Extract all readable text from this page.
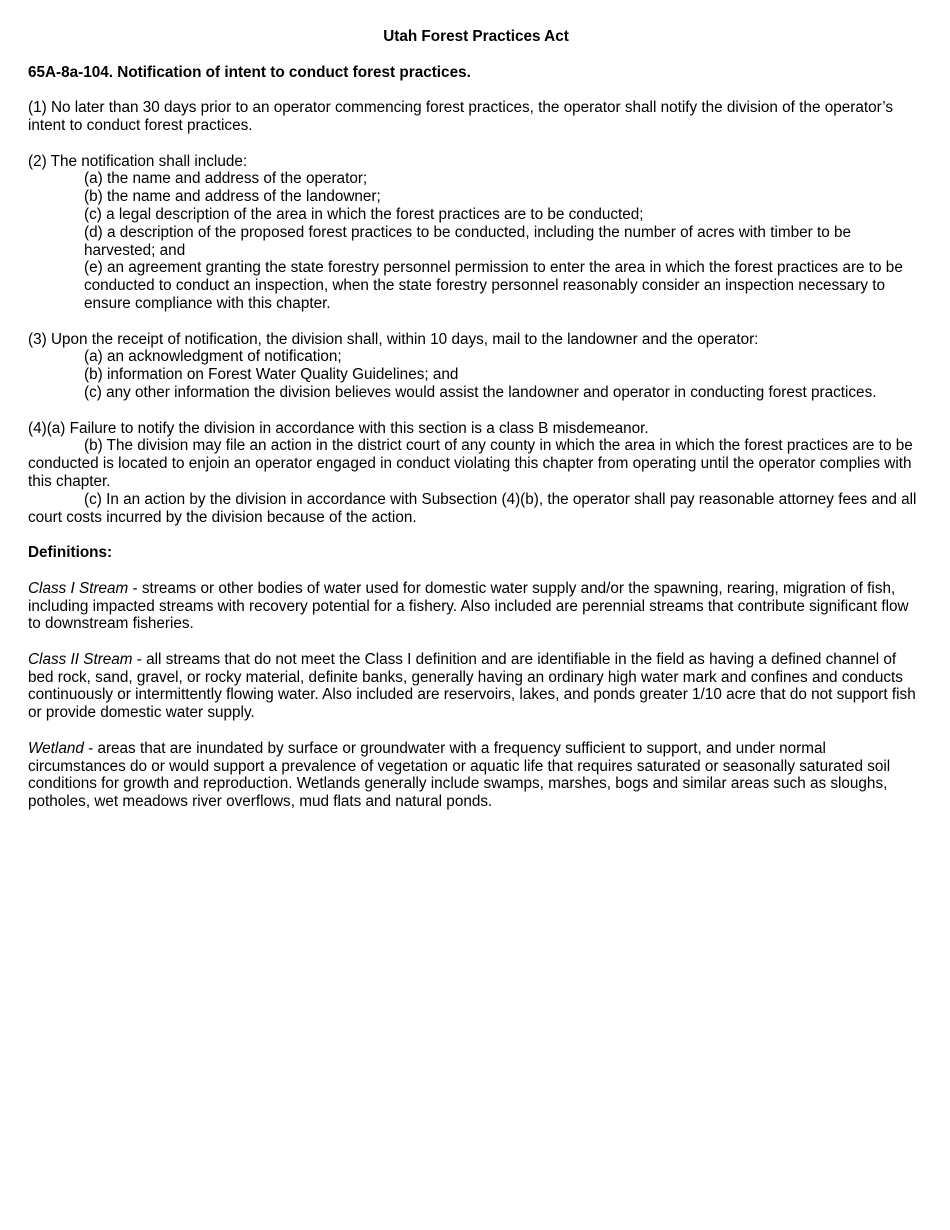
Utah Forest Practices Act

65A-8a-104. Notification of intent to conduct forest practices.

(1) No later than 30 days prior to an operator commencing forest practices, the operator shall notify the division of the operator’s intent to conduct forest practices.

(2) The notification shall include:

(a) the name and address of the operator;

(b) the name and address of the landowner;

(c) a legal description of the area in which the forest practices are to be conducted;

(d) a description of the proposed forest practices to be conducted, including the number of acres with timber to be harvested; and

(e) an agreement granting the state forestry personnel permission to enter the area in which the forest practices are to be conducted to conduct an inspection, when the state forestry personnel reasonably consider an inspection necessary to ensure compliance with this chapter.

(3) Upon the receipt of notification, the division shall, within 10 days, mail to the landowner and the operator:

(a) an acknowledgment of notification;

(b) information on Forest Water Quality Guidelines; and

(c) any other information the division believes would assist the landowner and operator in conducting forest practices.

(4)(a) Failure to notify the division in accordance with this section is a class B misdemeanor.

(b) The division may file an action in the district court of any county in which the area in which the forest practices are to be conducted is located to enjoin an operator engaged in conduct violating this chapter from operating until the operator complies with this chapter.

(c) In an action by the division in accordance with Subsection (4)(b), the operator shall pay reasonable attorney fees and all court costs incurred by the division because of the action.

Definitions:

Class I Stream - streams or other bodies of water used for domestic water supply and/or the spawning, rearing, migration of fish, including impacted streams with recovery potential for a fishery. Also included are perennial streams that contribute significant flow to downstream fisheries.

Class II Stream - all streams that do not meet the Class I definition and are identifiable in the field as having a defined channel of bed rock, sand, gravel, or rocky material, definite banks, generally having an ordinary high water mark and confines and conducts continuously or intermittently flowing water. Also included are reservoirs, lakes, and ponds greater 1/10 acre that do not support fish or provide domestic water supply.

Wetland - areas that are inundated by surface or groundwater with a frequency sufficient to support, and under normal circumstances do or would support a prevalence of vegetation or aquatic life that requires saturated or seasonally saturated soil conditions for growth and reproduction. Wetlands generally include swamps, marshes, bogs and similar areas such as sloughs, potholes, wet meadows river overflows, mud flats and natural ponds.
